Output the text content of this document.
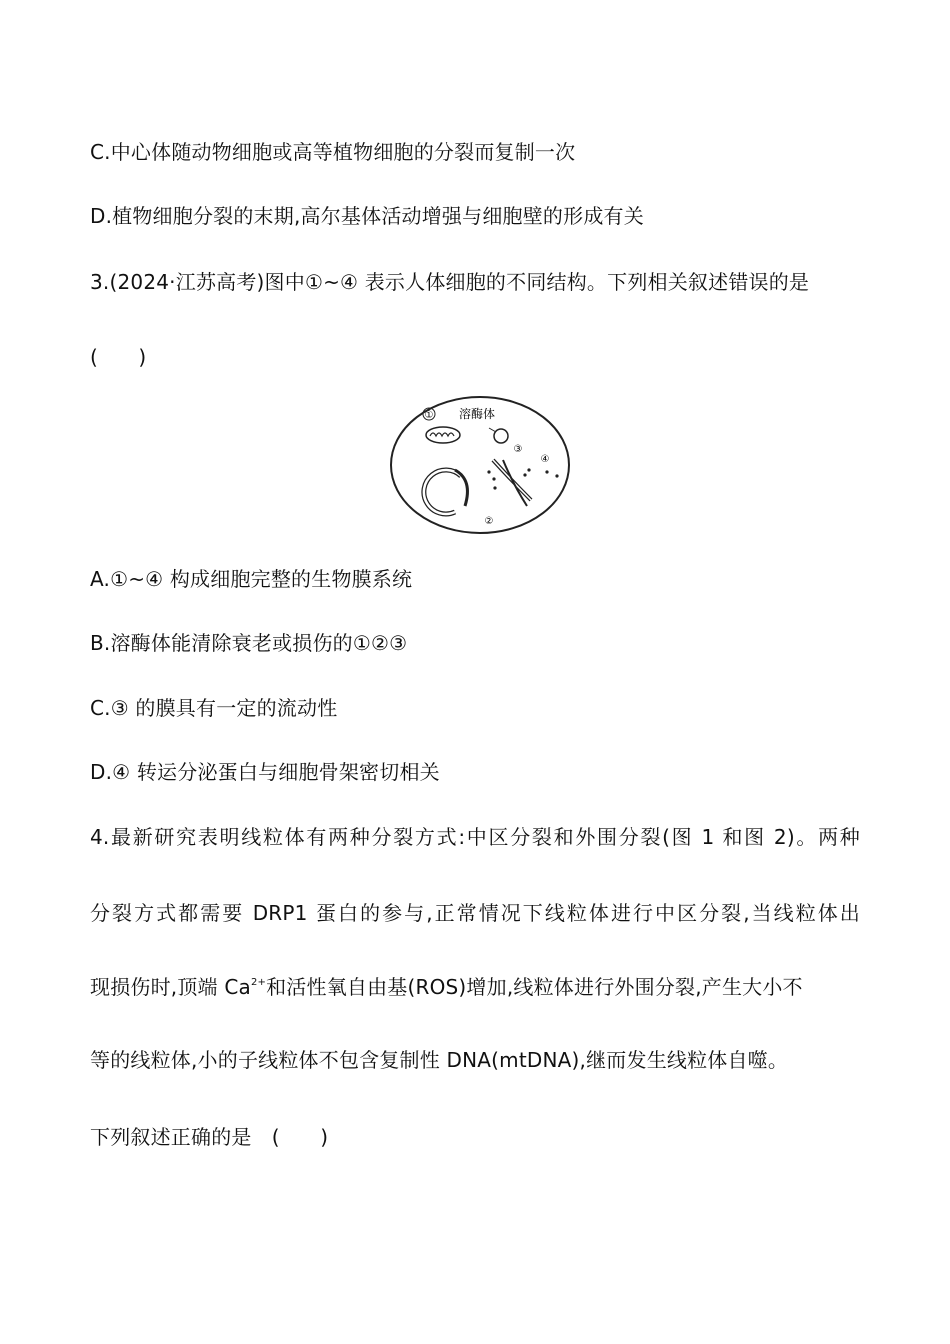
C.中心体随动物细胞或高等植物细胞的分裂而复制一次
D.植物细胞分裂的末期,高尔基体活动增强与细胞壁的形成有关
3.(2024·江苏高考)图中①~④ 表示人体细胞的不同结构。下列相关叙述错误的是
(　　)
① 溶酶体
③
④
②
A.①~④ 构成细胞完整的生物膜系统
B.溶酶体能清除衰老或损伤的①②③
C.③ 的膜具有一定的流动性
D.④ 转运分泌蛋白与细胞骨架密切相关
4.最新研究表明线粒体有两种分裂方式:中区分裂和外围分裂(图 1 和图 2)。两种
分裂方式都需要 DRP1 蛋白的参与,正常情况下线粒体进行中区分裂,当线粒体出
现损伤时,顶端 $Ca^{2+}$和活性氧自由基(ROS)增加,线粒体进行外围分裂,产生大小不
等的线粒体,小的子线粒体不包含复制性 DNA(mtDNA),继而发生线粒体自噬。
下列叙述正确的是　(　　)
